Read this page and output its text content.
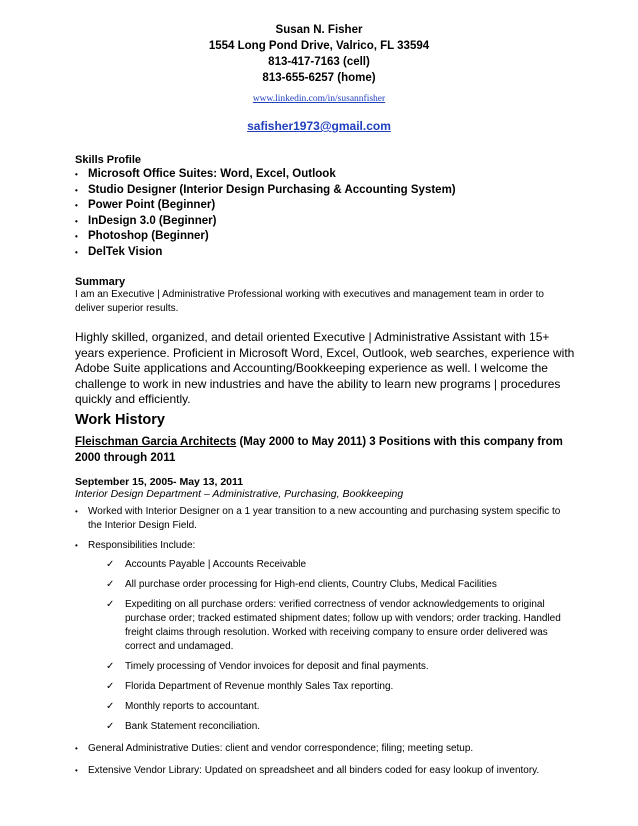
Susan N. Fisher
1554 Long Pond Drive, Valrico, FL 33594
813-417-7163 (cell)
813-655-6257 (home)
www.linkedin.com/in/susannfisher
safisher1973@gmail.com
Skills Profile
• Microsoft Office Suites: Word, Excel, Outlook
• Studio Designer (Interior Design Purchasing & Accounting System)
• Power Point (Beginner)
• InDesign 3.0 (Beginner)
• Photoshop (Beginner)
• DelTek Vision
Summary
I am an Executive | Administrative Professional working with executives and management team in order to deliver superior results.
Highly skilled, organized, and detail oriented Executive | Administrative Assistant with 15+ years experience. Proficient in Microsoft Word, Excel, Outlook, web searches, experience with Adobe Suite applications and Accounting/Bookkeeping experience as well. I welcome the challenge to work in new industries and have the ability to learn new programs | procedures quickly and efficiently.
Work History
Fleischman Garcia Architects (May 2000 to May 2011) 3 Positions with this company from 2000 through 2011
September 15, 2005- May 13, 2011
Interior Design Department – Administrative, Purchasing, Bookkeeping
• Worked with Interior Designer on a 1 year transition to a new accounting and purchasing system specific to the Interior Design Field.
• Responsibilities Include:
✓ Accounts Payable | Accounts Receivable
✓ All purchase order processing for High-end clients, Country Clubs, Medical Facilities
✓ Expediting on all purchase orders: verified correctness of vendor acknowledgements to original purchase order; tracked estimated shipment dates; follow up with vendors; order tracking. Handled freight claims through resolution. Worked with receiving company to ensure order delivered was correct and undamaged.
✓ Timely processing of Vendor invoices for deposit and final payments.
✓ Florida Department of Revenue monthly Sales Tax reporting.
✓ Monthly reports to accountant.
✓ Bank Statement reconciliation.
• General Administrative Duties: client and vendor correspondence; filing; meeting setup.
• Extensive Vendor Library: Updated on spreadsheet and all binders coded for easy lookup of inventory.
